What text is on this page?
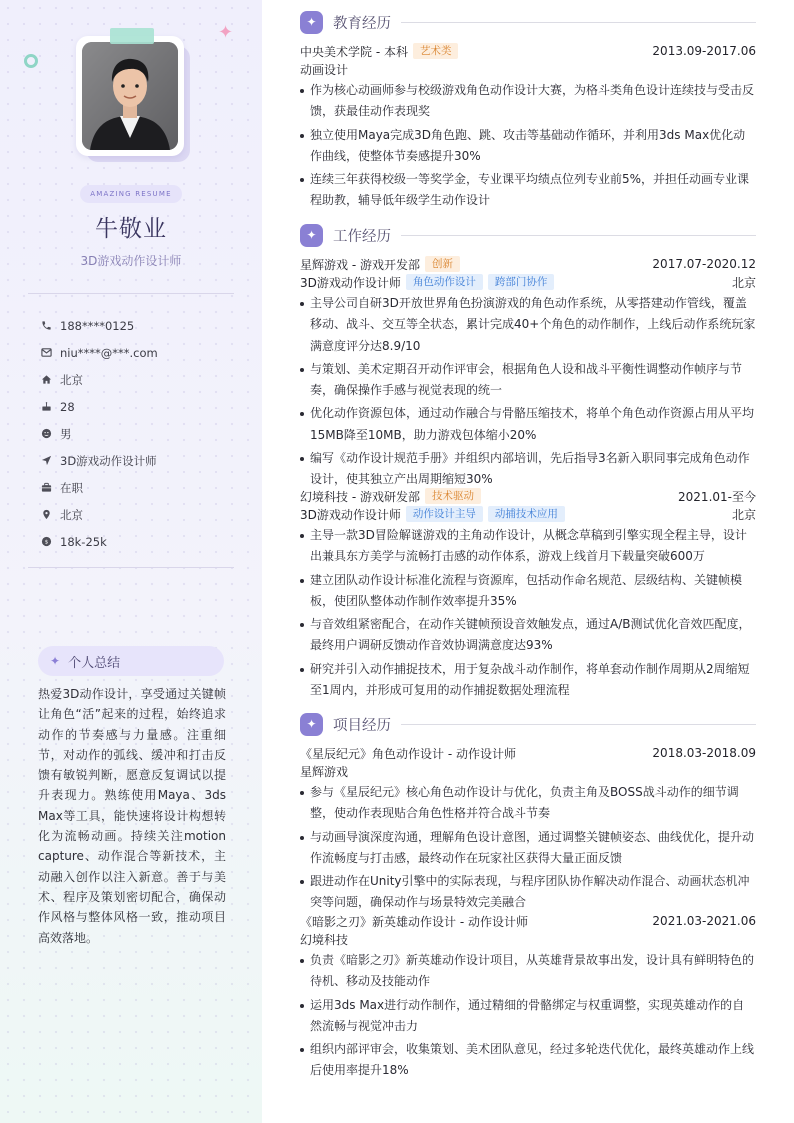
✦
AMAZING RESUME
牛敬业
3D游戏动作设计师
188****0125
niu****@***.com
北京
28
男
3D游戏动作设计师
在职
北京
$ 18k-25k
✦ 个人总结
热爱3D动作设计，享受通过关键帧让角色“活”起来的过程，始终追求动作的节奏感与力量感。注重细节，对动作的弧线、缓冲和打击反馈有敏锐判断，愿意反复调试以提升表现力。熟练使用Maya、3ds Max等工具，能快速将设计构想转化为流畅动画。持续关注motion capture、动作混合等新技术，主动融入创作以注入新意。善于与美术、程序及策划密切配合，确保动作风格与整体风格一致，推动项目高效落地。
✦	教育经历
中央美术学院 - 本科	艺术类	2013.09-2017.06
动画设计
作为核心动画师参与校级游戏角色动作设计大赛，为格斗类角色设计连续技与受击反馈，获最佳动作表现奖
独立使用Maya完成3D角色跑、跳、攻击等基础动作循环，并利用3ds Max优化动作曲线，使整体节奏感提升30%
连续三年获得校级一等奖学金，专业课平均绩点位列专业前5%，并担任动画专业课程助教，辅导低年级学生动作设计
✦	工作经历
星辉游戏 - 游戏开发部	创新	2017.07-2020.12
3D游戏动作设计师	角色动作设计	跨部门协作	北京
主导公司自研3D开放世界角色扮演游戏的角色动作系统，从零搭建动作管线，覆盖移动、战斗、交互等全状态，累计完成40+个角色的动作制作，上线后动作系统玩家满意度评分达8.9/10
与策划、美术定期召开动作评审会，根据角色人设和战斗平衡性调整动作帧序与节奏，确保操作手感与视觉表现的统一
优化动作资源包体，通过动作融合与骨骼压缩技术，将单个角色动作资源占用从平均15MB降至10MB，助力游戏包体缩小20%
编写《动作设计规范手册》并组织内部培训，先后指导3名新入职同事完成角色动作设计，使其独立产出周期缩短30%
幻境科技 - 游戏研发部	技术驱动	2021.01-至今
3D游戏动作设计师	动作设计主导	动捕技术应用	北京
主导一款3D冒险解谜游戏的主角动作设计，从概念草稿到引擎实现全程主导，设计出兼具东方美学与流畅打击感的动作体系，游戏上线首月下载量突破600万
建立团队动作设计标准化流程与资源库，包括动作命名规范、层级结构、关键帧模板，使团队整体动作制作效率提升35%
与音效组紧密配合，在动作关键帧预设音效触发点，通过A/B测试优化音效匹配度，最终用户调研反馈动作音效协调满意度达93%
研究并引入动作捕捉技术，用于复杂战斗动作制作，将单套动作制作周期从2周缩短至1周内，并形成可复用的动作捕捉数据处理流程
✦	项目经历
《星辰纪元》角色动作设计 - 动作设计师	2018.03-2018.09
星辉游戏
参与《星辰纪元》核心角色动作设计与优化，负责主角及BOSS战斗动作的细节调整，使动作表现贴合角色性格并符合战斗节奏
与动画导演深度沟通，理解角色设计意图，通过调整关键帧姿态、曲线优化，提升动作流畅度与打击感，最终动作在玩家社区获得大量正面反馈
跟进动作在Unity引擎中的实际表现，与程序团队协作解决动作混合、动画状态机冲突等问题，确保动作与场景特效完美融合
《暗影之刃》新英雄动作设计 - 动作设计师	2021.03-2021.06
幻境科技
负责《暗影之刃》新英雄动作设计项目，从英雄背景故事出发，设计具有鲜明特色的待机、移动及技能动作
运用3ds Max进行动作制作，通过精细的骨骼绑定与权重调整，实现英雄动作的自然流畅与视觉冲击力
组织内部评审会，收集策划、美术团队意见，经过多轮迭代优化，最终英雄动作上线后使用率提升18%
